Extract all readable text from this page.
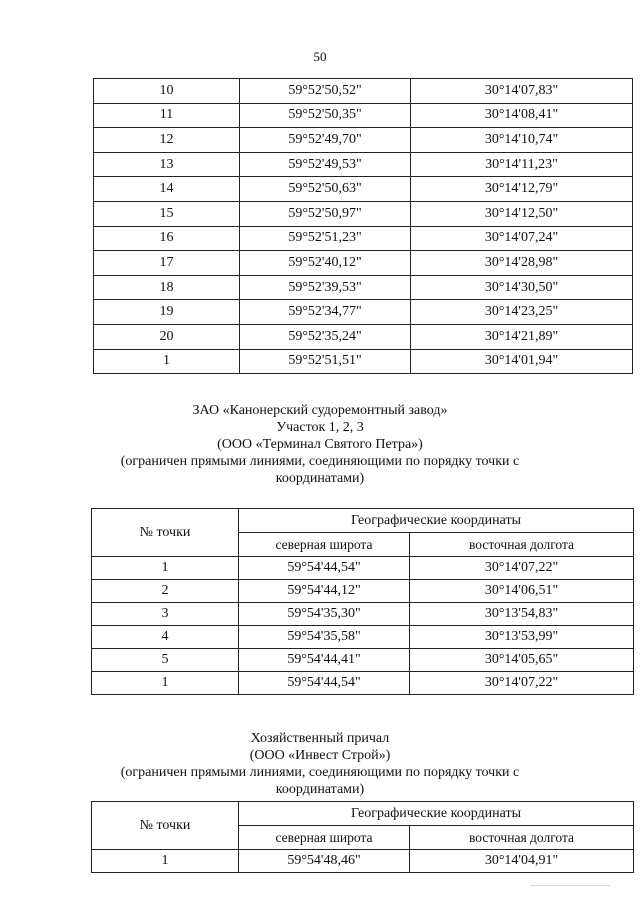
50
10	59°52'50,52"	30°14'07,83"
11	59°52'50,35"	30°14'08,41"
12	59°52'49,70"	30°14'10,74"
13	59°52'49,53"	30°14'11,23"
14	59°52'50,63"	30°14'12,79"
15	59°52'50,97"	30°14'12,50"
16	59°52'51,23"	30°14'07,24"
17	59°52'40,12"	30°14'28,98"
18	59°52'39,53"	30°14'30,50"
19	59°52'34,77"	30°14'23,25"
20	59°52'35,24"	30°14'21,89"
1	59°52'51,51"	30°14'01,94"
ЗАО «Канонерский судоремонтный завод»
Участок 1, 2, 3
(ООО «Терминал Святого Петра»)
(ограничен прямыми линиями, соединяющими по порядку точки с
координатами)
№ точки	Географические координаты	
	северная широта	восточная долгота
1	59°54'44,54"	30°14'07,22"
2	59°54'44,12"	30°14'06,51"
3	59°54'35,30"	30°13'54,83"
4	59°54'35,58"	30°13'53,99"
5	59°54'44,41"	30°14'05,65"
1	59°54'44,54"	30°14'07,22"
Хозяйственный причал
(ООО «Инвест Строй»)
(ограничен прямыми линиями, соединяющими по порядку точки с
координатами)
№ точки	Географические координаты	
	северная широта	восточная долгота
1	59°54'48,46"	30°14'04,91"
